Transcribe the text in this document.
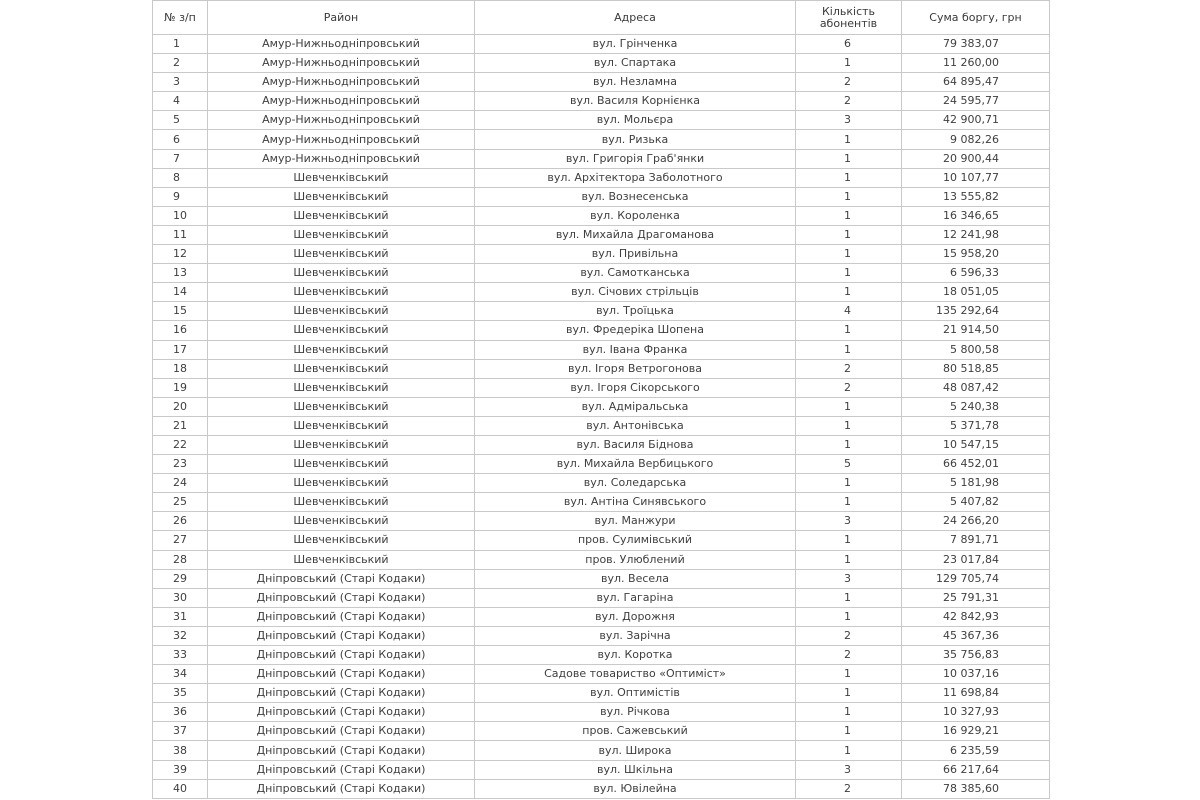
№ з/п	Район	Адреса	Кількість абонентів	Сума боргу, грн
1	Амур-Нижньодніпровський	вул. Грінченка	6	79 383,07
2	Амур-Нижньодніпровський	вул. Спартака	1	11 260,00
3	Амур-Нижньодніпровський	вул. Незламна	2	64 895,47
4	Амур-Нижньодніпровський	вул. Василя Корнієнка	2	24 595,77
5	Амур-Нижньодніпровський	вул. Мольєра	3	42 900,71
6	Амур-Нижньодніпровський	вул. Ризька	1	9 082,26
7	Амур-Нижньодніпровський	вул. Григорія Граб'янки	1	20 900,44
8	Шевченківський	вул. Архітектора Заболотного	1	10 107,77
9	Шевченківський	вул. Вознесенська	1	13 555,82
10	Шевченківський	вул. Короленка	1	16 346,65
11	Шевченківський	вул. Михайла Драгоманова	1	12 241,98
12	Шевченківський	вул. Привільна	1	15 958,20
13	Шевченківський	вул. Самотканська	1	6 596,33
14	Шевченківський	вул. Січових стрільців	1	18 051,05
15	Шевченківський	вул. Троїцька	4	135 292,64
16	Шевченківський	вул. Фредеріка Шопена	1	21 914,50
17	Шевченківський	вул. Івана Франка	1	5 800,58
18	Шевченківський	вул. Ігоря Ветрогонова	2	80 518,85
19	Шевченківський	вул. Ігоря Сікорського	2	48 087,42
20	Шевченківський	вул. Адміральська	1	5 240,38
21	Шевченківський	вул. Антонівська	1	5 371,78
22	Шевченківський	вул. Василя Біднова	1	10 547,15
23	Шевченківський	вул. Михайла Вербицького	5	66 452,01
24	Шевченківський	вул. Соледарська	1	5 181,98
25	Шевченківський	вул. Антіна Синявського	1	5 407,82
26	Шевченківський	вул. Манжури	3	24 266,20
27	Шевченківський	пров. Сулимівський	1	7 891,71
28	Шевченківський	пров. Улюблений	1	23 017,84
29	Дніпровський (Старі Кодаки)	вул. Весела	3	129 705,74
30	Дніпровський (Старі Кодаки)	вул. Гагаріна	1	25 791,31
31	Дніпровський (Старі Кодаки)	вул. Дорожня	1	42 842,93
32	Дніпровський (Старі Кодаки)	вул. Зарічна	2	45 367,36
33	Дніпровський (Старі Кодаки)	вул. Коротка	2	35 756,83
34	Дніпровський (Старі Кодаки)	Садове товариство «Оптиміст»	1	10 037,16
35	Дніпровський (Старі Кодаки)	вул. Оптимістів	1	11 698,84
36	Дніпровський (Старі Кодаки)	вул. Річкова	1	10 327,93
37	Дніпровський (Старі Кодаки)	пров. Сажевський	1	16 929,21
38	Дніпровський (Старі Кодаки)	вул. Широка	1	6 235,59
39	Дніпровський (Старі Кодаки)	вул. Шкільна	3	66 217,64
40	Дніпровський (Старі Кодаки)	вул. Ювілейна	2	78 385,60
